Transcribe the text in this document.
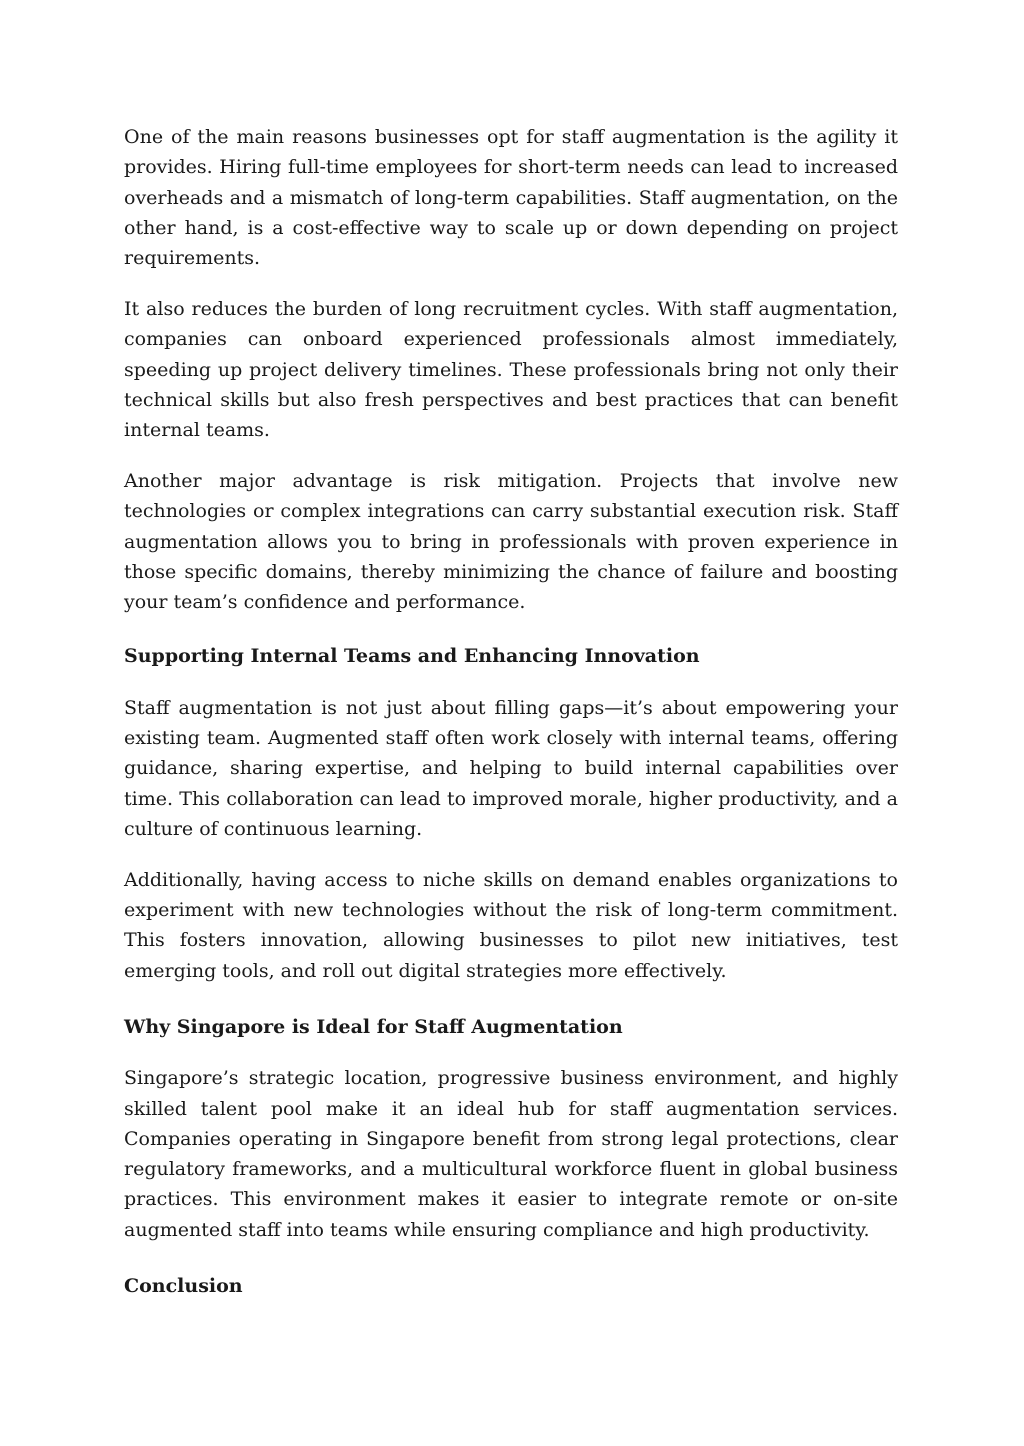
One of the main reasons businesses opt for staff augmentation is the agility it provides. Hiring full-time employees for short-term needs can lead to increased overheads and a mismatch of long-term capabilities. Staff augmentation, on the other hand, is a cost-effective way to scale up or down depending on project requirements.

It also reduces the burden of long recruitment cycles. With staff augmentation, companies can onboard experienced professionals almost immediately, speeding up project delivery timelines. These professionals bring not only their technical skills but also fresh perspectives and best practices that can benefit internal teams.

Another major advantage is risk mitigation. Projects that involve new technologies or complex integrations can carry substantial execution risk. Staff augmentation allows you to bring in professionals with proven experience in those specific domains, thereby minimizing the chance of failure and boosting your team’s confidence and performance.

Supporting Internal Teams and Enhancing Innovation

Staff augmentation is not just about filling gaps—it’s about empowering your existing team. Augmented staff often work closely with internal teams, offering guidance, sharing expertise, and helping to build internal capabilities over time. This collaboration can lead to improved morale, higher productivity, and a culture of continuous learning.

Additionally, having access to niche skills on demand enables organizations to experiment with new technologies without the risk of long-term commitment. This fosters innovation, allowing businesses to pilot new initiatives, test emerging tools, and roll out digital strategies more effectively.

Why Singapore is Ideal for Staff Augmentation

Singapore’s strategic location, progressive business environment, and highly skilled talent pool make it an ideal hub for staff augmentation services. Companies operating in Singapore benefit from strong legal protections, clear regulatory frameworks, and a multicultural workforce fluent in global business practices. This environment makes it easier to integrate remote or on-site augmented staff into teams while ensuring compliance and high productivity.

Conclusion
